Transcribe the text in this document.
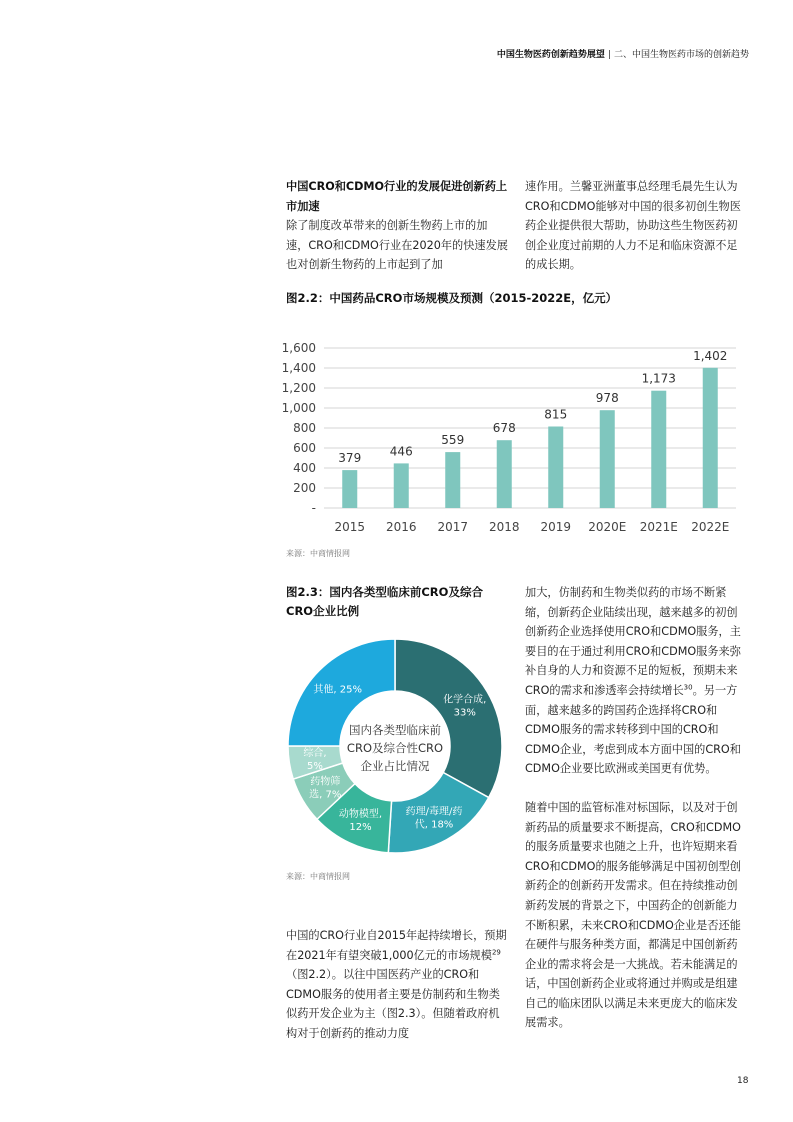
中国生物医药创新趋势展望 | 二、中国生物医药市场的创新趋势

中国CRO和CDMO行业的发展促进创新药上市加速

除了制度改革带来的创新生物药上市的加速，CRO和CDMO行业在2020年的快速发展也对创新生物药的上市起到了加

速作用。兰馨亚洲董事总经理毛晨先生认为CRO和CDMO能够对中国的很多初创生物医药企业提供很大帮助，协助这些生物医药初创企业度过前期的人力不足和临床资源不足的成长期。

图2.2：中国药品CRO市场规模及预测（2015-2022E，亿元）
-
200
400
600
800
1,000
1,200
1,400
1,600
379 446
559
678
815
978
1,173
1,402
2015 2016 2017 2018 2019 2020E 2021E 2022E
来源：中商情报网
图2.3：国内各类型临床前CRO及综合CRO企业比例
化学合成,
33%
药理/毒理/药
代, 18%
动物模型,
12%
药物筛
选, 7%
综合,
5%
其他, 25%
国内各类型临床前
CRO及综合性CRO
企业占比情况
来源：中商情报网

加大，仿制药和生物类似药的市场不断紧缩，创新药企业陆续出现，越来越多的初创创新药企业选择使用CRO和CDMO服务，主要目的在于通过利用CRO和CDMO服务来弥补自身的人力和资源不足的短板，预期未来CRO的需求和渗透率会持续增长$^{30}$。另一方面，越来越多的跨国药企选择将CRO和CDMO服务的需求转移到中国的CRO和CDMO企业，考虑到成本方面中国的CRO和CDMO企业要比欧洲或美国更有优势。

随着中国的监管标准对标国际，以及对于创新药品的质量要求不断提高，CRO和CDMO的服务质量要求也随之上升，也许短期来看CRO和CDMO的服务能够满足中国初创型创新药企的创新药开发需求。但在持续推动创新药发展的背景之下，中国药企的创新能力不断积累，未来CRO和CDMO企业是否还能在硬件与服务种类方面，都满足中国创新药企业的需求将会是一大挑战。若未能满足的话，中国创新药企业或将通过并购或是组建自己的临床团队以满足未来更庞大的临床发展需求。

中国的CRO行业自2015年起持续增长，预期在2021年有望突破1,000亿元的市场规模$^{29}$（图2.2）。以往中国医药产业的CRO和CDMO服务的使用者主要是仿制药和生物类似药开发企业为主（图2.3）。但随着政府机构对于创新药的推动力度

18
